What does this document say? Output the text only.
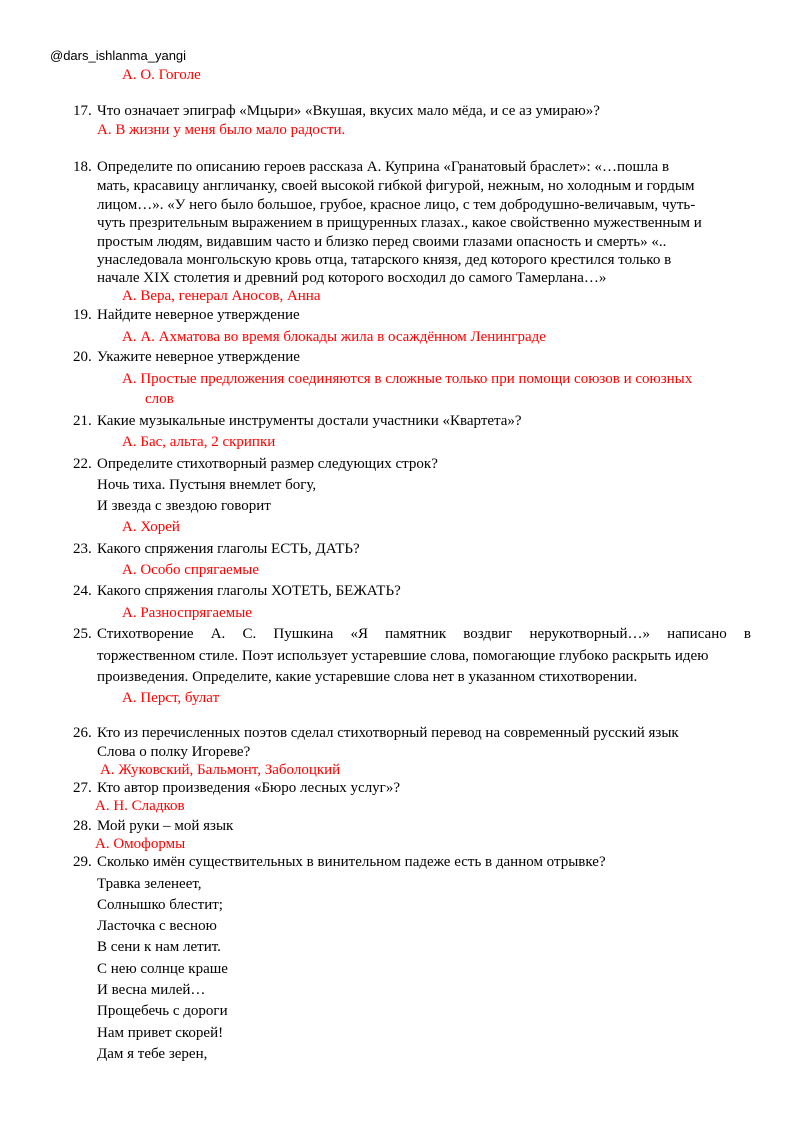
@dars_ishlanma_yangi
А. О. Гоголе
17. Что означает эпиграф «Мцыри» «Вкушая, вкусих мало мёда, и се аз умираю»?
А. В жизни у меня было мало радости.
18. Определите по описанию героев рассказа А. Куприна «Гранатовый браслет»: «…пошла в
мать, красавицу англичанку, своей высокой гибкой фигурой, нежным, но холодным и гордым
лицом…». «У него было большое, грубое, красное лицо, с тем добродушно-величавым, чуть-
чуть презрительным выражением в прищуренных глазах., какое свойственно мужественным и
простым людям, видавшим часто и близко перед своими глазами опасность и смерть» «..
унаследовала монгольскую кровь отца, татарского князя, дед которого крестился только в
начале XIX столетия и древний род которого восходил до самого Тамерлана…»
А. Вера, генерал Аносов, Анна
19. Найдите неверное утверждение
А. А. Ахматова во время блокады жила в осаждённом Ленинграде
20. Укажите неверное утверждение
А. Простые предложения соединяются в сложные только при помощи союзов и союзных
слов
21. Какие музыкальные инструменты достали участники «Квартета»?
А. Бас, альта, 2 скрипки
22. Определите стихотворный размер следующих строк?
Ночь тиха. Пустыня внемлет богу,
И звезда с звездою говорит
А. Хорей
23. Какого спряжения глаголы ЕСТЬ, ДАТЬ?
А. Особо спрягаемые
24. Какого спряжения глаголы ХОТЕТЬ, БЕЖАТЬ?
А. Разноспрягаемые
25. Стихотворение А. С. Пушкина «Я памятник воздвиг нерукотворный…» написано в
торжественном стиле. Поэт использует устаревшие слова, помогающие глубоко раскрыть идею
произведения. Определите, какие устаревшие слова нет в указанном стихотворении.
А. Перст, булат
26. Кто из перечисленных поэтов сделал стихотворный перевод на современный русский язык
Слова о полку Игореве?
А. Жуковский, Бальмонт, Заболоцкий
27. Кто автор произведения «Бюро лесных услуг»?
А. Н. Сладков
28. Мой руки – мой язык
А. Омоформы
29. Сколько имён существительных в винительном падеже есть в данном отрывке?
Травка зеленеет,
Солнышко блестит;
Ласточка с весною
В сени к нам летит.
С нею солнце краше
И весна милей…
Прощебечь с дороги
Нам привет скорей!
Дам я тебе зерен,
